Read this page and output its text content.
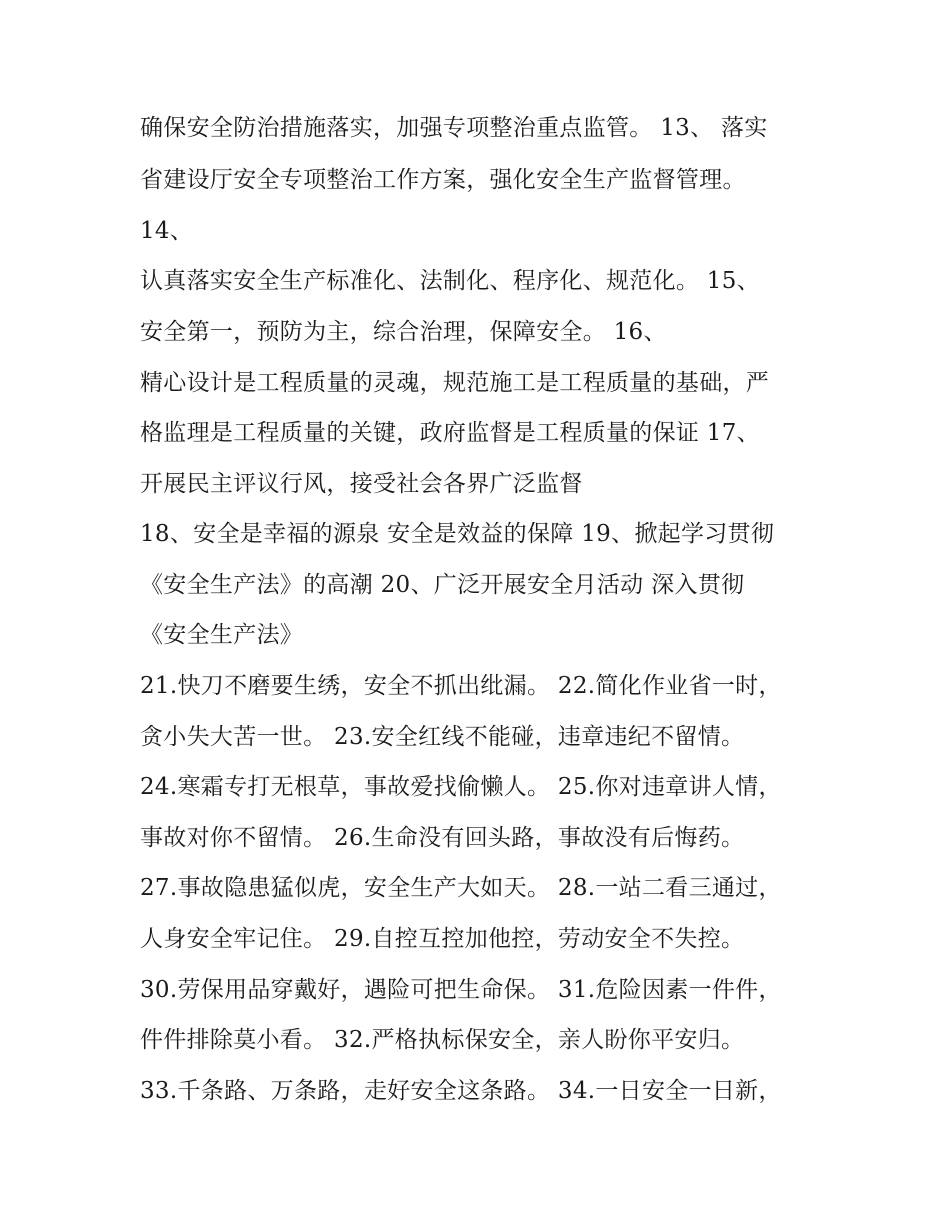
确保安全防治措施落实，加强专项整治重点监管。 13、 落实
省建设厅安全专项整治工作方案，强化安全生产监督管理。
14、
认真落实安全生产标准化、法制化、程序化、规范化。 15、
安全第一，预防为主，综合治理，保障安全。 16、
精心设计是工程质量的灵魂，规范施工是工程质量的基础，严
格监理是工程质量的关键，政府监督是工程质量的保证 17、
开展民主评议行风，接受社会各界广泛监督
18、安全是幸福的源泉 安全是效益的保障 19、掀起学习贯彻
《安全生产法》的高潮 20、广泛开展安全月活动 深入贯彻
《安全生产法》
21.快刀不磨要生绣，安全不抓出纰漏。 22.简化作业省一时，
贪小失大苦一世。 23.安全红线不能碰，违章违纪不留情。
24.寒霜专打无根草，事故爱找偷懒人。 25.你对违章讲人情，
事故对你不留情。 26.生命没有回头路，事故没有后悔药。
27.事故隐患猛似虎，安全生产大如天。 28.一站二看三通过，
人身安全牢记住。 29.自控互控加他控，劳动安全不失控。
30.劳保用品穿戴好，遇险可把生命保。 31.危险因素一件件，
件件排除莫小看。 32.严格执标保安全，亲人盼你平安归。
33.千条路、万条路，走好安全这条路。 34.一日安全一日新，
